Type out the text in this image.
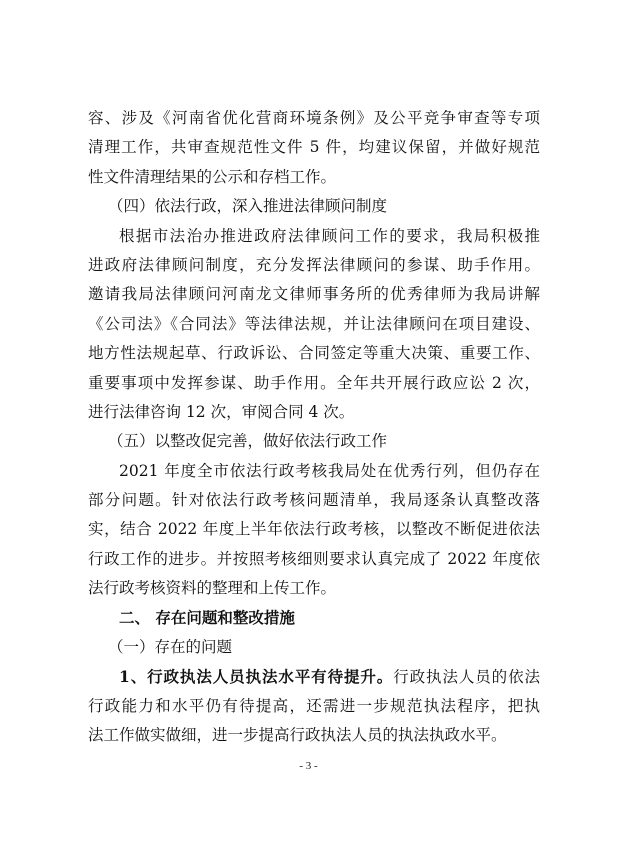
容、涉及《河南省优化营商环境条例》及公平竞争审查等专项
清理工作，共审查规范性文件 5 件，均建议保留，并做好规范
性文件清理结果的公示和存档工作。
（四）依法行政，深入推进法律顾问制度
根据市法治办推进政府法律顾问工作的要求，我局积极推
进政府法律顾问制度，充分发挥法律顾问的参谋、助手作用。
邀请我局法律顾问河南龙文律师事务所的优秀律师为我局讲解
《公司法》《合同法》等法律法规，并让法律顾问在项目建设、
地方性法规起草、行政诉讼、合同签定等重大决策、重要工作、
重要事项中发挥参谋、助手作用。全年共开展行政应讼 2 次，
进行法律咨询 12 次，审阅合同 4 次。
（五）以整改促完善，做好依法行政工作
2021 年度全市依法行政考核我局处在优秀行列，但仍存在
部分问题。针对依法行政考核问题清单，我局逐条认真整改落
实，结合 2022 年度上半年依法行政考核，以整改不断促进依法
行政工作的进步。并按照考核细则要求认真完成了 2022 年度依
法行政考核资料的整理和上传工作。
二、 存在问题和整改措施
（一）存在的问题
1、行政执法人员执法水平有待提升。行政执法人员的依法
行政能力和水平仍有待提高，还需进一步规范执法程序，把执
法工作做实做细，进一步提高行政执法人员的执法执政水平。
- 3 -
